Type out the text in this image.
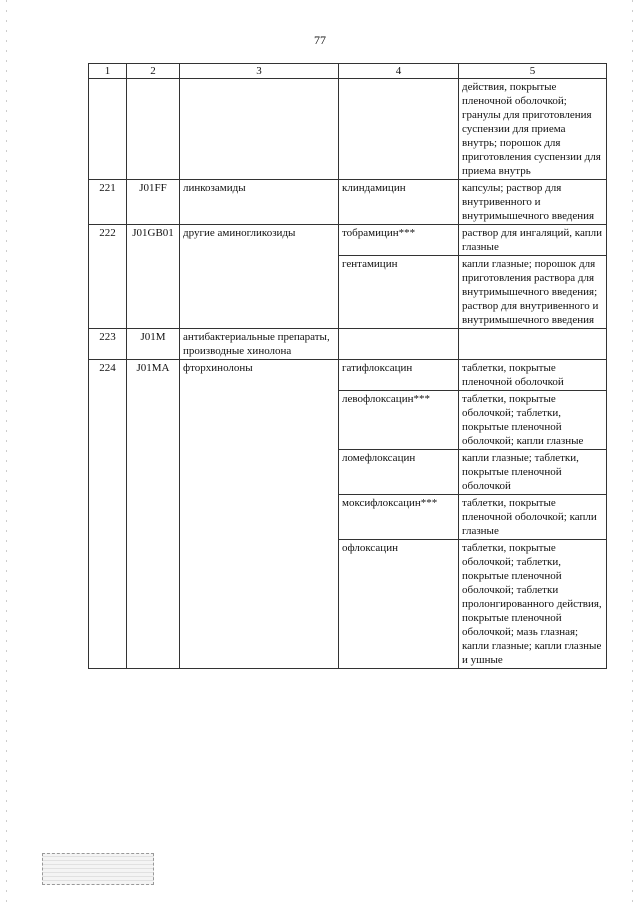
77
1	2	3	4	5
				действия, покрытые пленочной оболочкой; гранулы для приготовления суспензии для приема внутрь; порошок для приготовления суспензии для приема внутрь
221	J01FF	линкозамиды	клиндамицин	капсулы; раствор для внутривенного и внутримышечного введения
222	J01GB01	другие аминогликозиды	тобрамицин***	раствор для ингаляций, капли глазные
			гентамицин	капли глазные; порошок для приготовления раствора для внутримышечного введения; раствор для внутривенного и внутримышечного введения
223	J01M	антибактериальные препараты, производные хинолона		
224	J01MA	фторхинолоны	гатифлоксацин	таблетки, покрытые пленочной оболочкой
			левофлоксацин***	таблетки, покрытые оболочкой; таблетки, покрытые пленочной оболочкой; капли глазные
			ломефлоксацин	капли глазные; таблетки, покрытые пленочной оболочкой
			моксифлоксацин***	таблетки, покрытые пленочной оболочкой; капли глазные
			офлоксацин	таблетки, покрытые оболочкой; таблетки, покрытые пленочной оболочкой; таблетки пролонгированного действия, покрытые пленочной оболочкой; мазь глазная; капли глазные; капли глазные и ушные
